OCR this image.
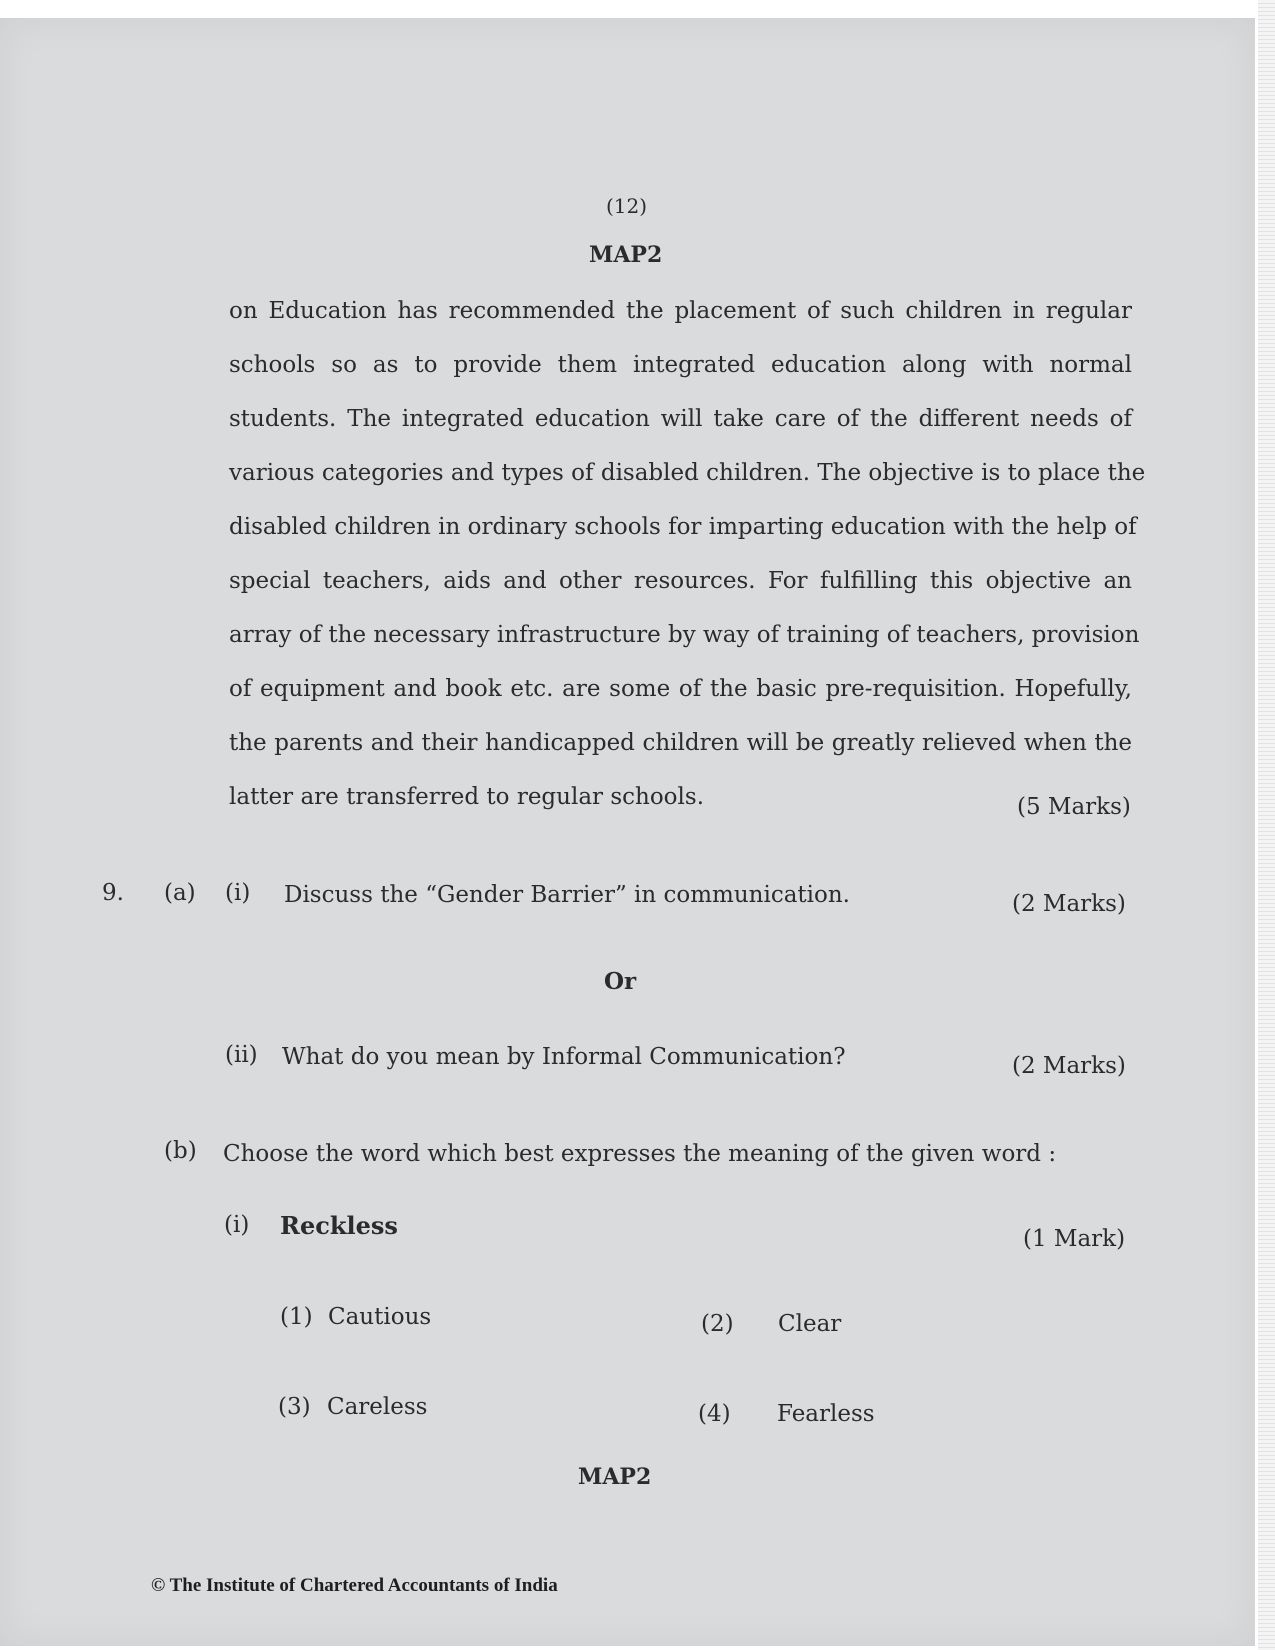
(12)
MAP2
on Education has recommended the placement of such children in regular
schools so as to provide them integrated education along with normal
students. The integrated education will take care of the different needs of
various categories and types of disabled children. The objective is to place the
disabled children in ordinary schools for imparting education with the help of
special teachers, aids and other resources. For fulfilling this objective an
array of the necessary infrastructure by way of training of teachers, provision
of equipment and book etc. are some of the basic pre-requisition. Hopefully,
the parents and their handicapped children will be greatly relieved when the
latter are transferred to regular schools.	(5 Marks)
9. (a) (i) Discuss the “Gender Barrier” in communication.	(2 Marks)
Or
(ii) What do you mean by Informal Communication?	(2 Marks)
(b) Choose the word which best expresses the meaning of the given word :
(i) Reckless	(1 Mark)
(1) Cautious	(2) Clear
(3) Careless	(4) Fearless
MAP2
© The Institute of Chartered Accountants of India
